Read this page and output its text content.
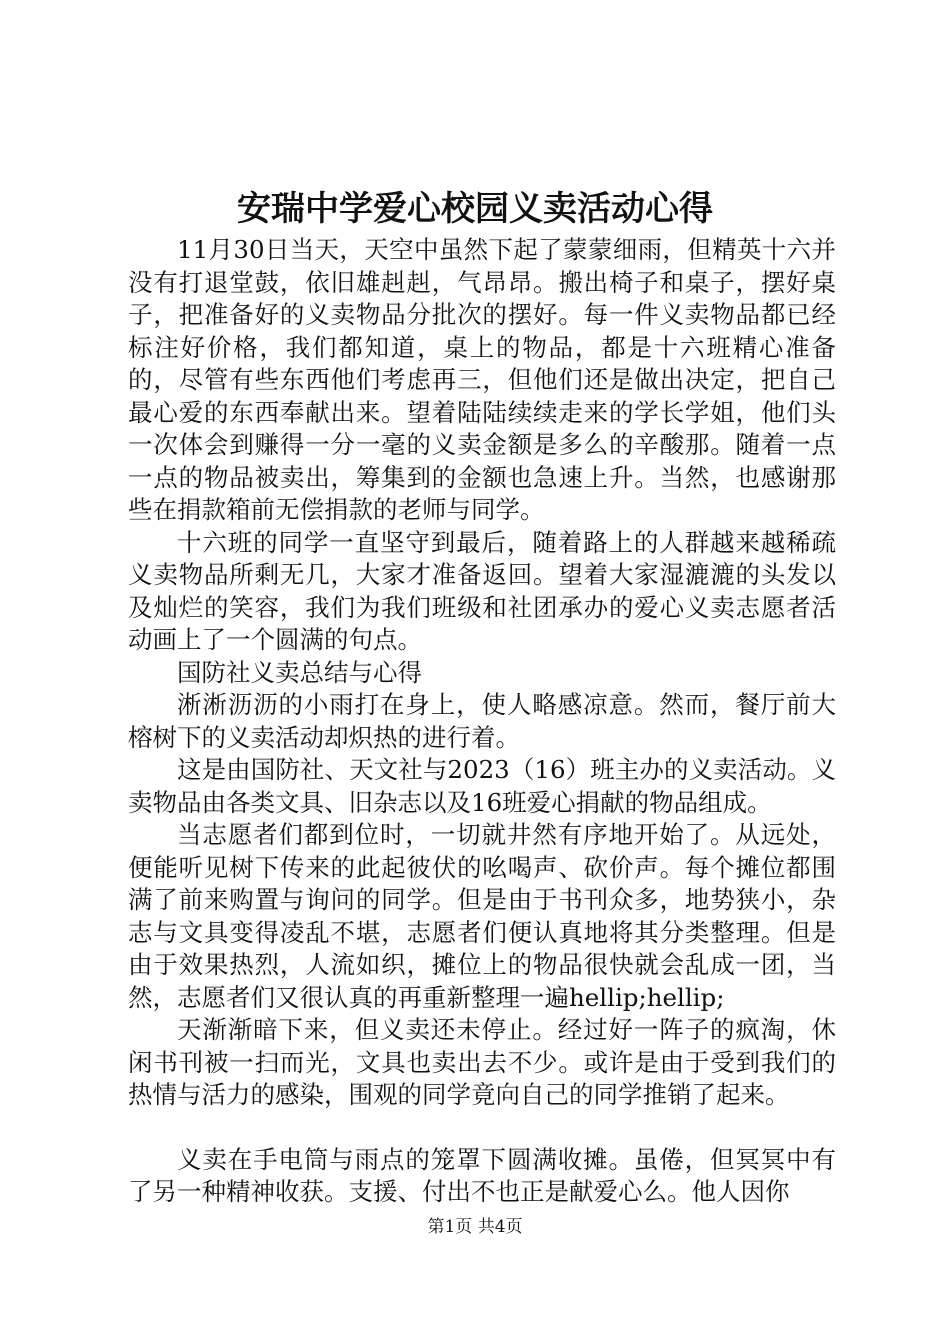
安瑞中学爱心校园义卖活动心得

11月30日当天，天空中虽然下起了蒙蒙细雨，但精英十六并没有打退堂鼓，依旧雄赳赳，气昂昂。搬出椅子和桌子，摆好桌子，把准备好的义卖物品分批次的摆好。每一件义卖物品都已经标注好价格，我们都知道，桌上的物品，都是十六班精心准备的，尽管有些东西他们考虑再三，但他们还是做出决定，把自己最心爱的东西奉献出来。望着陆陆续续走来的学长学姐，他们头一次体会到赚得一分一毫的义卖金额是多么的辛酸那。随着一点一点的物品被卖出，筹集到的金额也急速上升。当然，也感谢那些在捐款箱前无偿捐款的老师与同学。

十六班的同学一直坚守到最后，随着路上的人群越来越稀疏义卖物品所剩无几，大家才准备返回。望着大家湿漉漉的头发以及灿烂的笑容，我们为我们班级和社团承办的爱心义卖志愿者活动画上了一个圆满的句点。

国防社义卖总结与心得

淅淅沥沥的小雨打在身上，使人略感凉意。然而，餐厅前大榕树下的义卖活动却炽热的进行着。

这是由国防社、天文社与2023（16）班主办的义卖活动。义卖物品由各类文具、旧杂志以及16班爱心捐献的物品组成。

当志愿者们都到位时，一切就井然有序地开始了。从远处，便能听见树下传来的此起彼伏的吆喝声、砍价声。每个摊位都围满了前来购置与询问的同学。但是由于书刊众多，地势狭小，杂志与文具变得凌乱不堪，志愿者们便认真地将其分类整理。但是由于效果热烈，人流如织，摊位上的物品很快就会乱成一团，当然，志愿者们又很认真的再重新整理一遍hellip;hellip;

天渐渐暗下来，但义卖还未停止。经过好一阵子的疯淘，休闲书刊被一扫而光，文具也卖出去不少。或许是由于受到我们的热情与活力的感染，围观的同学竟向自己的同学推销了起来。

义卖在手电筒与雨点的笼罩下圆满收摊。虽倦，但冥冥中有了另一种精神收获。支援、付出不也正是献爱心么。他人因你

第1页 共4页
